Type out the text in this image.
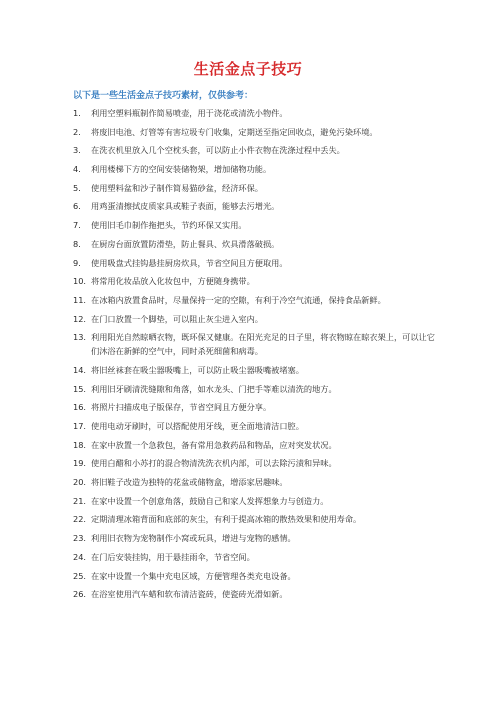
生活金点子技巧

以下是一些生活金点子技巧素材，仅供参考：

1.	利用空塑料瓶制作简易喷壶，用于浇花或清洗小物件。
2.	将废旧电池、灯管等有害垃圾专门收集，定期送至指定回收点，避免污染环境。
3.	在洗衣机里放入几个空枕头套，可以防止小件衣物在洗涤过程中丢失。
4.	利用楼梯下方的空间安装储物架，增加储物功能。
5.	使用塑料盆和沙子制作简易猫砂盆，经济环保。
6.	用鸡蛋清擦拭皮质家具或鞋子表面，能够去污增光。
7.	使用旧毛巾制作拖把头，节约环保又实用。
8.	在厨房台面放置防滑垫，防止餐具、炊具滑落破损。
9.	使用吸盘式挂钩悬挂厨房炊具，节省空间且方便取用。
10. 将常用化妆品放入化妆包中，方便随身携带。
11. 在冰箱内放置食品时，尽量保持一定的空隙，有利于冷空气流通，保持食品新鲜。
12. 在门口放置一个脚垫，可以阻止灰尘进入室内。
13. 利用阳光自然晾晒衣物，既环保又健康。在阳光充足的日子里，将衣物晾在晾衣架上，可以让它们沐浴在新鲜的空气中，同时杀死细菌和病毒。
14. 将旧丝袜套在吸尘器吸嘴上，可以防止吸尘器吸嘴被堵塞。
15. 利用旧牙刷清洗缝隙和角落，如水龙头、门把手等难以清洗的地方。
16. 将照片扫描成电子版保存，节省空间且方便分享。
17. 使用电动牙刷时，可以搭配使用牙线，更全面地清洁口腔。
18. 在家中放置一个急救包，备有常用急救药品和物品，应对突发状况。
19. 使用白醋和小苏打的混合物清洗洗衣机内部，可以去除污渍和异味。
20. 将旧鞋子改造为独特的花盆或储物盒，增添家居趣味。
21. 在家中设置一个创意角落，鼓励自己和家人发挥想象力与创造力。
22. 定期清理冰箱背面和底部的灰尘，有利于提高冰箱的散热效果和使用寿命。
23. 利用旧衣物为宠物制作小窝或玩具，增进与宠物的感情。
24. 在门后安装挂钩，用于悬挂雨伞，节省空间。
25. 在家中设置一个集中充电区域，方便管理各类充电设备。
26. 在浴室使用汽车蜡和软布清洁瓷砖，使瓷砖光滑如新。
